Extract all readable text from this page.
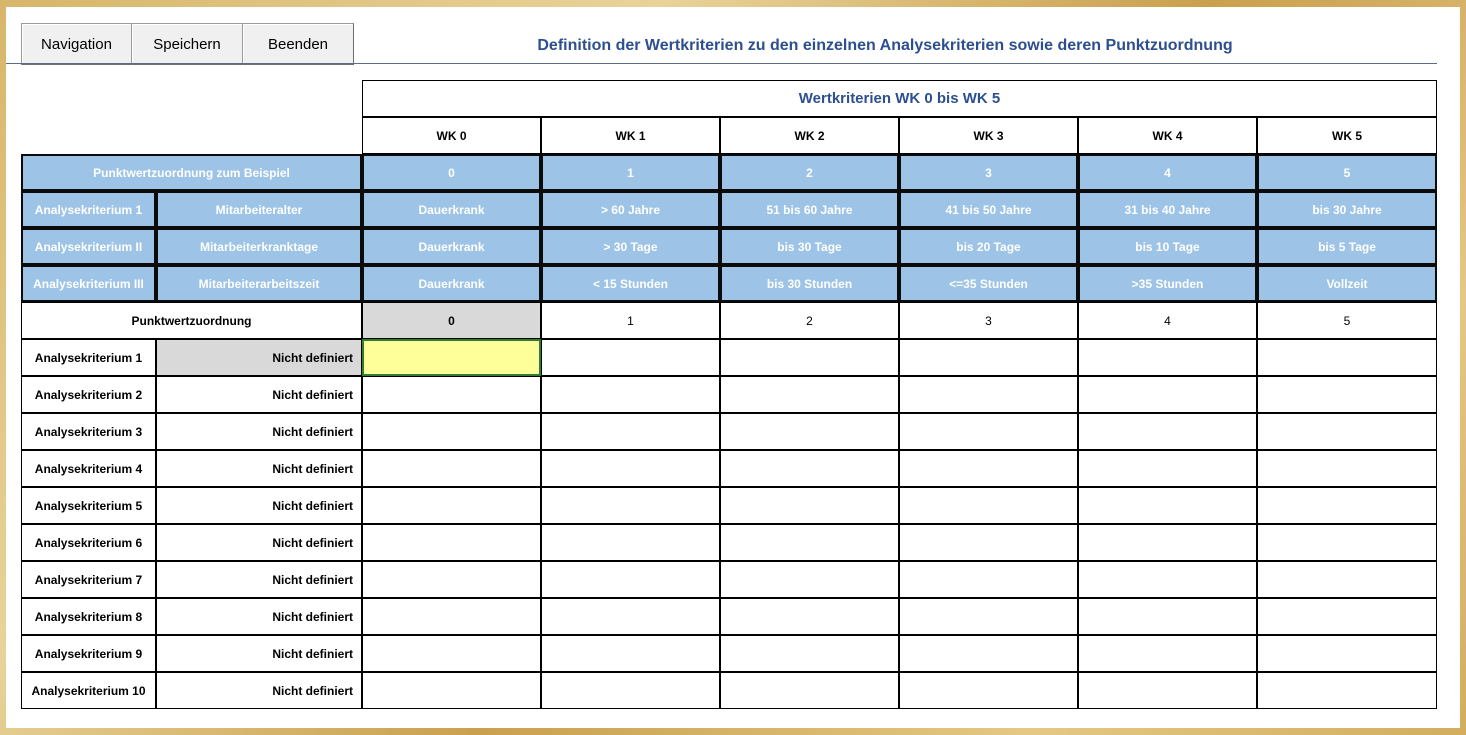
Navigation	Speichern	Beenden	Definition der Wertkriterien zu den einzelnen Analysekriterien sowie deren Punktzuordnung
Wertkriterien WK 0 bis WK 5
WK 0	WK 1	WK 2	WK 3	WK 4	WK 5
Punktwertzuordnung zum Beispiel	0	1	2	3	4	5
Analysekriterium 1	Mitarbeiteralter	Dauerkrank	> 60 Jahre	51 bis 60 Jahre	41 bis 50 Jahre	31 bis 40 Jahre	bis 30 Jahre
Analysekriterium II	Mitarbeiterkranktage	Dauerkrank	> 30 Tage	bis 30 Tage	bis 20 Tage	bis 10 Tage	bis 5 Tage
Analysekriterium III	Mitarbeiterarbeitszeit	Dauerkrank	< 15 Stunden	bis 30 Stunden	<=35 Stunden	>35 Stunden	Vollzeit
Punktwertzuordnung	0	1	2	3	4	5
Analysekriterium 1	Nicht definiert
Analysekriterium 2	Nicht definiert
Analysekriterium 3	Nicht definiert
Analysekriterium 4	Nicht definiert
Analysekriterium 5	Nicht definiert
Analysekriterium 6	Nicht definiert
Analysekriterium 7	Nicht definiert
Analysekriterium 8	Nicht definiert
Analysekriterium 9	Nicht definiert
Analysekriterium 10	Nicht definiert
